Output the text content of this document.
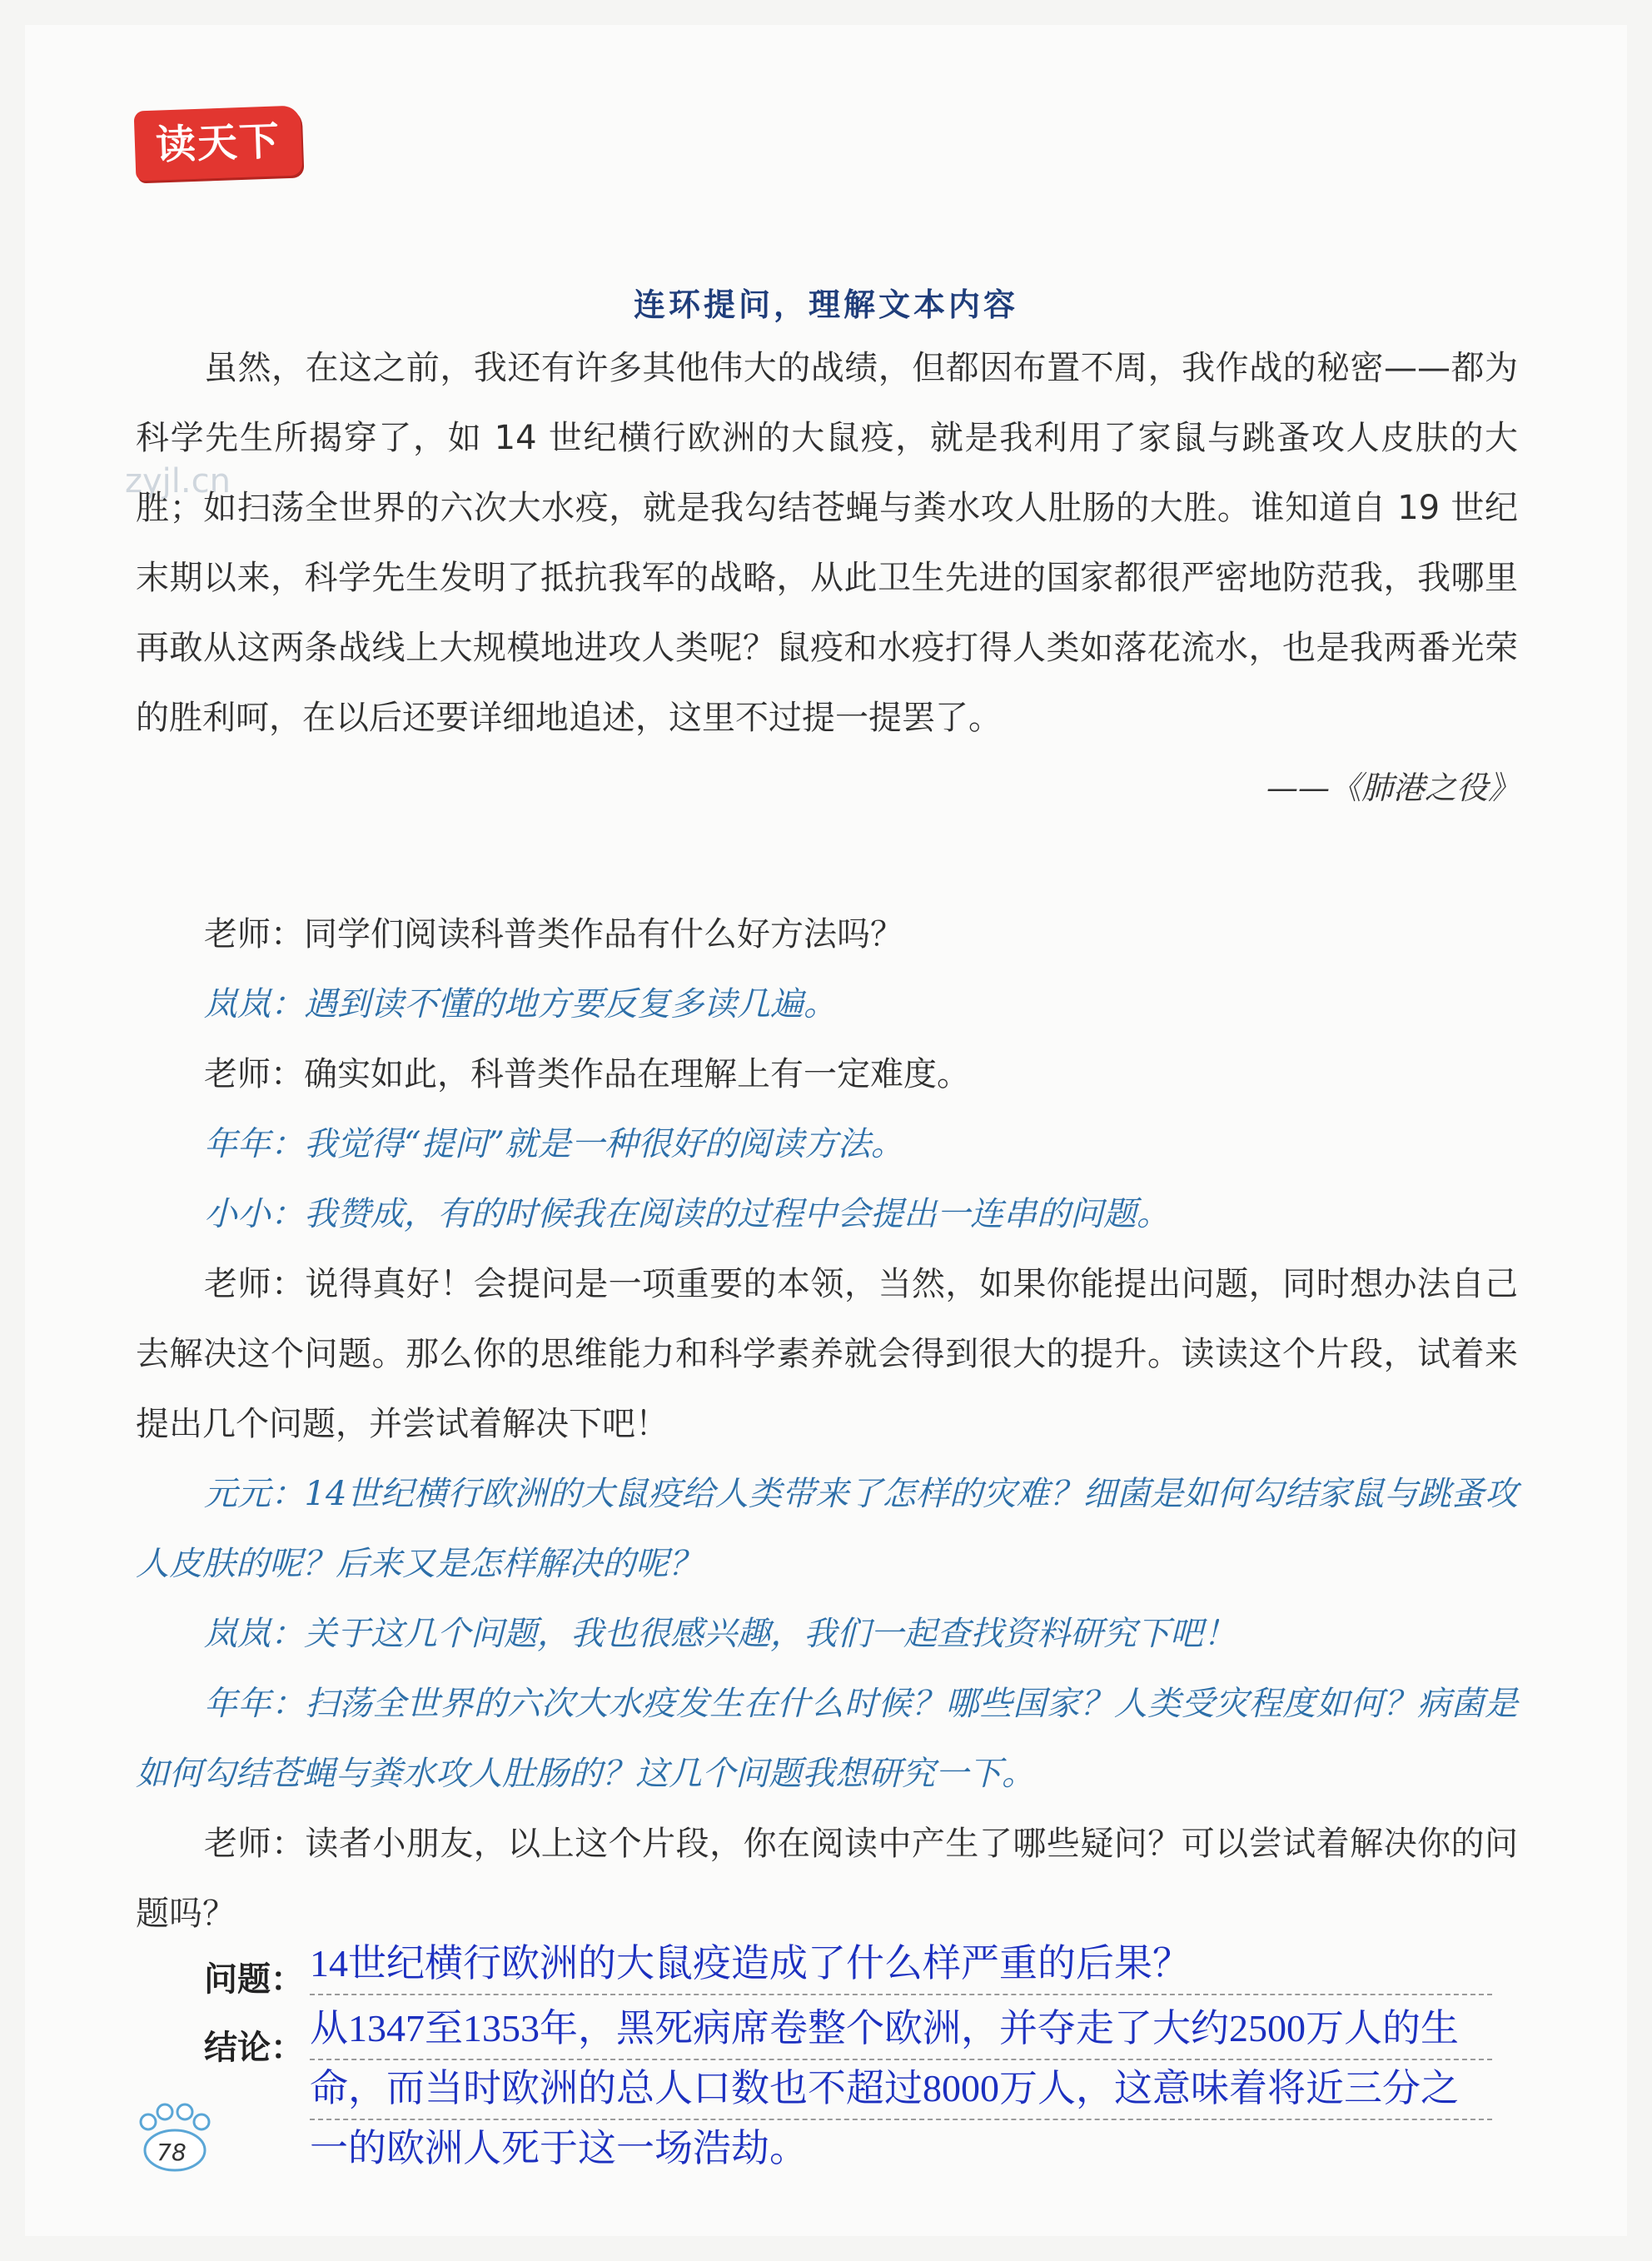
读天下
zyjl.cn
连环提问，理解文本内容
虽然，在这之前，我还有许多其他伟大的战绩，但都因布置不周，我作战的秘密——都为科学先生所揭穿了，如 14 世纪横行欧洲的大鼠疫，就是我利用了家鼠与跳蚤攻人皮肤的大胜；如扫荡全世界的六次大水疫，就是我勾结苍蝇与粪水攻人肚肠的大胜。谁知道自 19 世纪末期以来，科学先生发明了抵抗我军的战略，从此卫生先进的国家都很严密地防范我，我哪里再敢从这两条战线上大规模地进攻人类呢？鼠疫和水疫打得人类如落花流水，也是我两番光荣的胜利呵，在以后还要详细地追述，这里不过提一提罢了。
——《肺港之役》
老师：同学们阅读科普类作品有什么好方法吗？
岚岚：遇到读不懂的地方要反复多读几遍。
老师：确实如此，科普类作品在理解上有一定难度。
年年：我觉得“提问”就是一种很好的阅读方法。
小小：我赞成，有的时候我在阅读的过程中会提出一连串的问题。
老师：说得真好！会提问是一项重要的本领，当然，如果你能提出问题，同时想办法自己去解决这个问题。那么你的思维能力和科学素养就会得到很大的提升。读读这个片段，试着来提出几个问题，并尝试着解决下吧！
元元：14世纪横行欧洲的大鼠疫给人类带来了怎样的灾难？细菌是如何勾结家鼠与跳蚤攻人皮肤的呢？后来又是怎样解决的呢？
岚岚：关于这几个问题，我也很感兴趣，我们一起查找资料研究下吧！
年年：扫荡全世界的六次大水疫发生在什么时候？哪些国家？人类受灾程度如何？病菌是如何勾结苍蝇与粪水攻人肚肠的？这几个问题我想研究一下。
老师：读者小朋友，以上这个片段，你在阅读中产生了哪些疑问？可以尝试着解决你的问题吗？
问题： 14世纪横行欧洲的大鼠疫造成了什么样严重的后果？
结论： 从1347至1353年，黑死病席卷整个欧洲，并夺走了大约2500万人的生命，而当时欧洲的总人口数也不超过8000万人，这意味着将近三分之一的欧洲人死于这一场浩劫。
78
